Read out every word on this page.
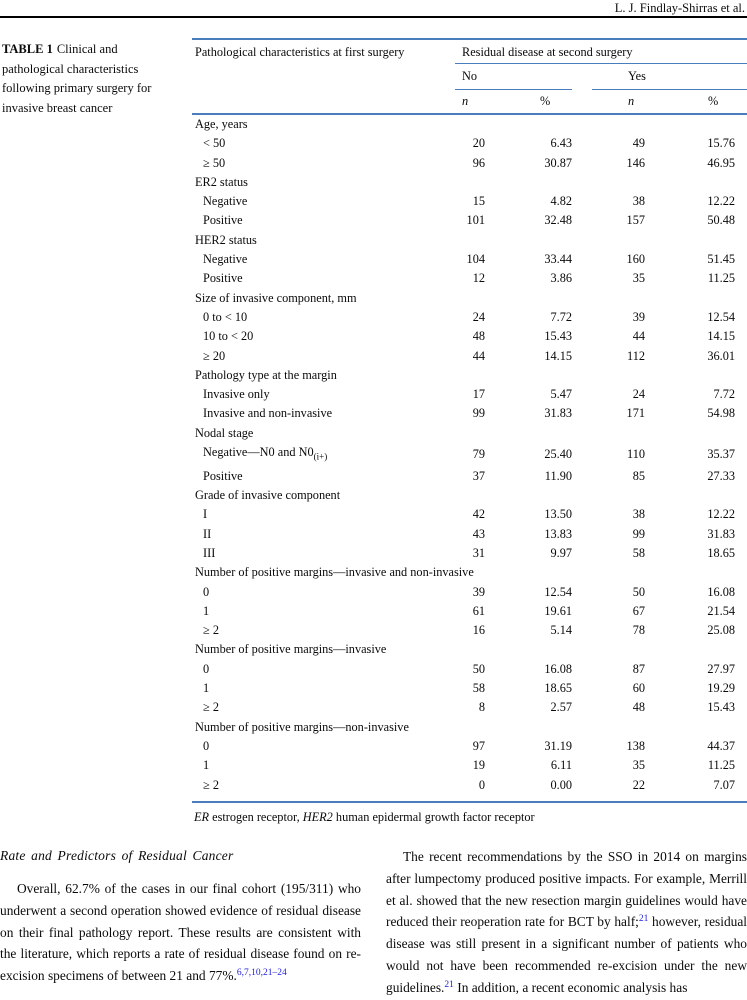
L. J. Findlay-Shirras et al.
TABLE 1 Clinical and pathological characteristics following primary surgery for invasive breast cancer
Pathological characteristics at first surgery	Residual disease at second surgery				
	No			Yes	
	n	%		n	%
Age, years					
< 50	20	6.43		49	15.76
≥ 50	96	30.87		146	46.95
ER2 status					
Negative	15	4.82		38	12.22
Positive	101	32.48		157	50.48
HER2 status					
Negative	104	33.44		160	51.45
Positive	12	3.86		35	11.25
Size of invasive component, mm					
0 to < 10	24	7.72		39	12.54
10 to < 20	48	15.43		44	14.15
≥ 20	44	14.15		112	36.01
Pathology type at the margin					
Invasive only	17	5.47		24	7.72
Invasive and non-invasive	99	31.83		171	54.98
Nodal stage					
Negative—N0 and $N0_{(i+)}$	79	25.40		110	35.37
Positive	37	11.90		85	27.33
Grade of invasive component					
I	42	13.50		38	12.22
II	43	13.83		99	31.83
III	31	9.97		58	18.65
Number of positive margins—invasive and non-invasive					
0	39	12.54		50	16.08
1	61	19.61		67	21.54
≥ 2	16	5.14		78	25.08
Number of positive margins—invasive					
0	50	16.08		87	27.97
1	58	18.65		60	19.29
≥ 2	8	2.57		48	15.43
Number of positive margins—non-invasive					
0	97	31.19		138	44.37
1	19	6.11		35	11.25
≥ 2	0	0.00		22	7.07

ER estrogen receptor, HER2 human epidermal growth factor receptor
Rate and Predictors of Residual Cancer

Overall, 62.7% of the cases in our final cohort (195/311) who underwent a second operation showed evidence of residual disease on their final pathology report. These results are consistent with the literature, which reports a rate of residual disease found on re-excision specimens of between 21 and 77%.$^{6,7,10,21-24}$

The recent recommendations by the SSO in 2014 on margins after lumpectomy produced positive impacts. For example, Merrill et al. showed that the new resection margin guidelines would have reduced their reoperation rate for BCT by half;$^{21}$ however, residual disease was still present in a significant number of patients who would not have been recommended re-excision under the new guidelines.$^{21}$ In addition, a recent economic analysis has
